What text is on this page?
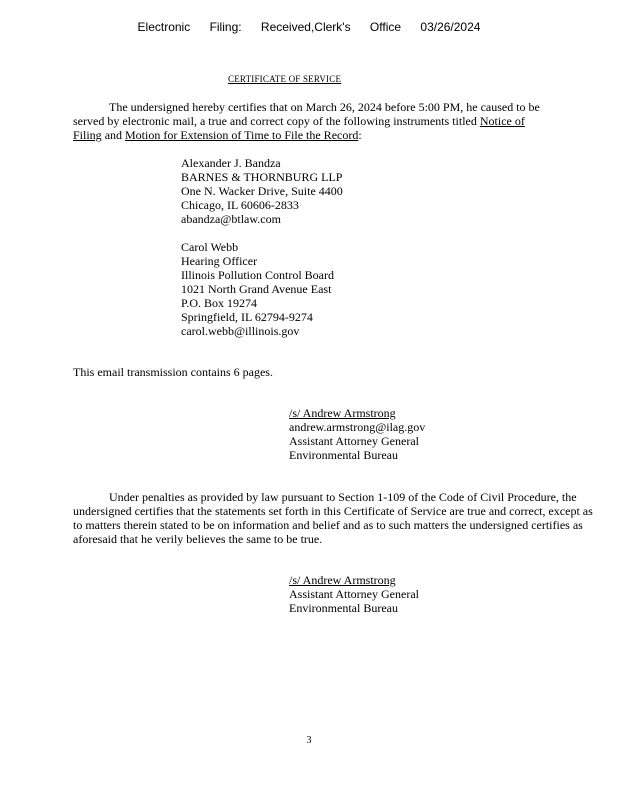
Electronic Filing: Received,Clerk's Office 03/26/2024
CERTIFICATE OF SERVICE
The undersigned hereby certifies that on March 26, 2024 before 5:00 PM, he caused to be served by electronic mail, a true and correct copy of the following instruments titled Notice of Filing and Motion for Extension of Time to File the Record:
Alexander J. Bandza
BARNES & THORNBURG LLP
One N. Wacker Drive, Suite 4400
Chicago, IL 60606-2833
abandza@btlaw.com
Carol Webb
Hearing Officer
Illinois Pollution Control Board
1021 North Grand Avenue East
P.O. Box 19274
Springfield, IL 62794-9274
carol.webb@illinois.gov
This email transmission contains 6 pages.
/s/ Andrew Armstrong
andrew.armstrong@ilag.gov
Assistant Attorney General
Environmental Bureau
Under penalties as provided by law pursuant to Section 1-109 of the Code of Civil Procedure, the undersigned certifies that the statements set forth in this Certificate of Service are true and correct, except as to matters therein stated to be on information and belief and as to such matters the undersigned certifies as aforesaid that he verily believes the same to be true.
/s/ Andrew Armstrong
Assistant Attorney General
Environmental Bureau
3
